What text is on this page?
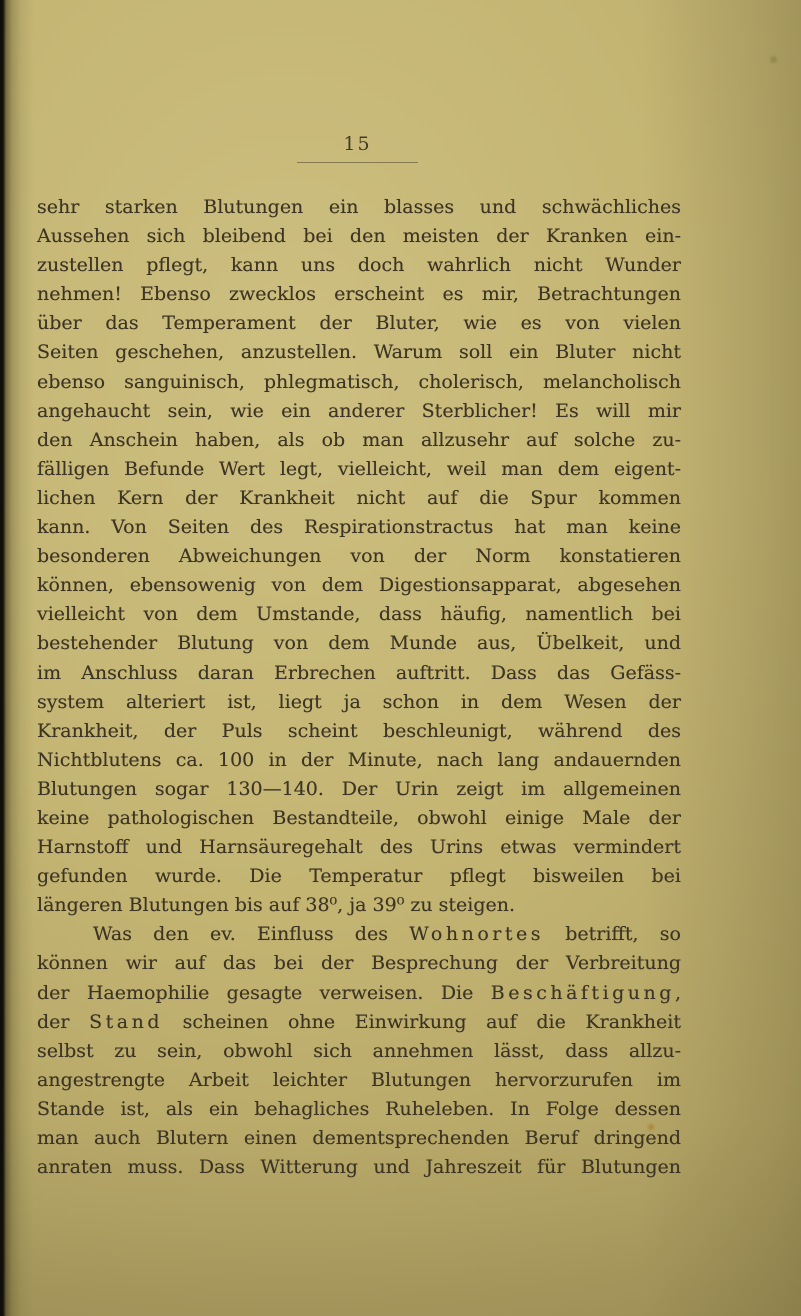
15
sehr starken Blutungen ein blasses und schwächliches
Aussehen sich bleibend bei den meisten der Kranken ein-
zustellen pflegt, kann uns doch wahrlich nicht Wunder
nehmen! Ebenso zwecklos erscheint es mir, Betrachtungen
über das Temperament der Bluter, wie es von vielen
Seiten geschehen, anzustellen. Warum soll ein Bluter nicht
ebenso sanguinisch, phlegmatisch, cholerisch, melancholisch
angehaucht sein, wie ein anderer Sterblicher! Es will mir
den Anschein haben, als ob man allzusehr auf solche zu-
fälligen Befunde Wert legt, vielleicht, weil man dem eigent-
lichen Kern der Krankheit nicht auf die Spur kommen
kann. Von Seiten des Respirationstractus hat man keine
besonderen Abweichungen von der Norm konstatieren
können, ebensowenig von dem Digestionsapparat, abgesehen
vielleicht von dem Umstande, dass häufig, namentlich bei
bestehender Blutung von dem Munde aus, Übelkeit, und
im Anschluss daran Erbrechen auftritt. Dass das Gefäss-
system alteriert ist, liegt ja schon in dem Wesen der
Krankheit, der Puls scheint beschleunigt, während des
Nichtblutens ca. 100 in der Minute, nach lang andauernden
Blutungen sogar 130—140. Der Urin zeigt im allgemeinen
keine pathologischen Bestandteile, obwohl einige Male der
Harnstoff und Harnsäuregehalt des Urins etwas vermindert
gefunden wurde. Die Temperatur pflegt bisweilen bei
längeren Blutungen bis auf 38⁰, ja 39⁰ zu steigen.
Was den ev. Einfluss des Wohnortes betrifft, so
können wir auf das bei der Besprechung der Verbreitung
der Haemophilie gesagte verweisen. Die Beschäftigung,
der Stand scheinen ohne Einwirkung auf die Krankheit
selbst zu sein, obwohl sich annehmen lässt, dass allzu-
angestrengte Arbeit leichter Blutungen hervorzurufen im
Stande ist, als ein behagliches Ruheleben. In Folge dessen
man auch Blutern einen dementsprechenden Beruf dringend
anraten muss. Dass Witterung und Jahreszeit für Blutungen
